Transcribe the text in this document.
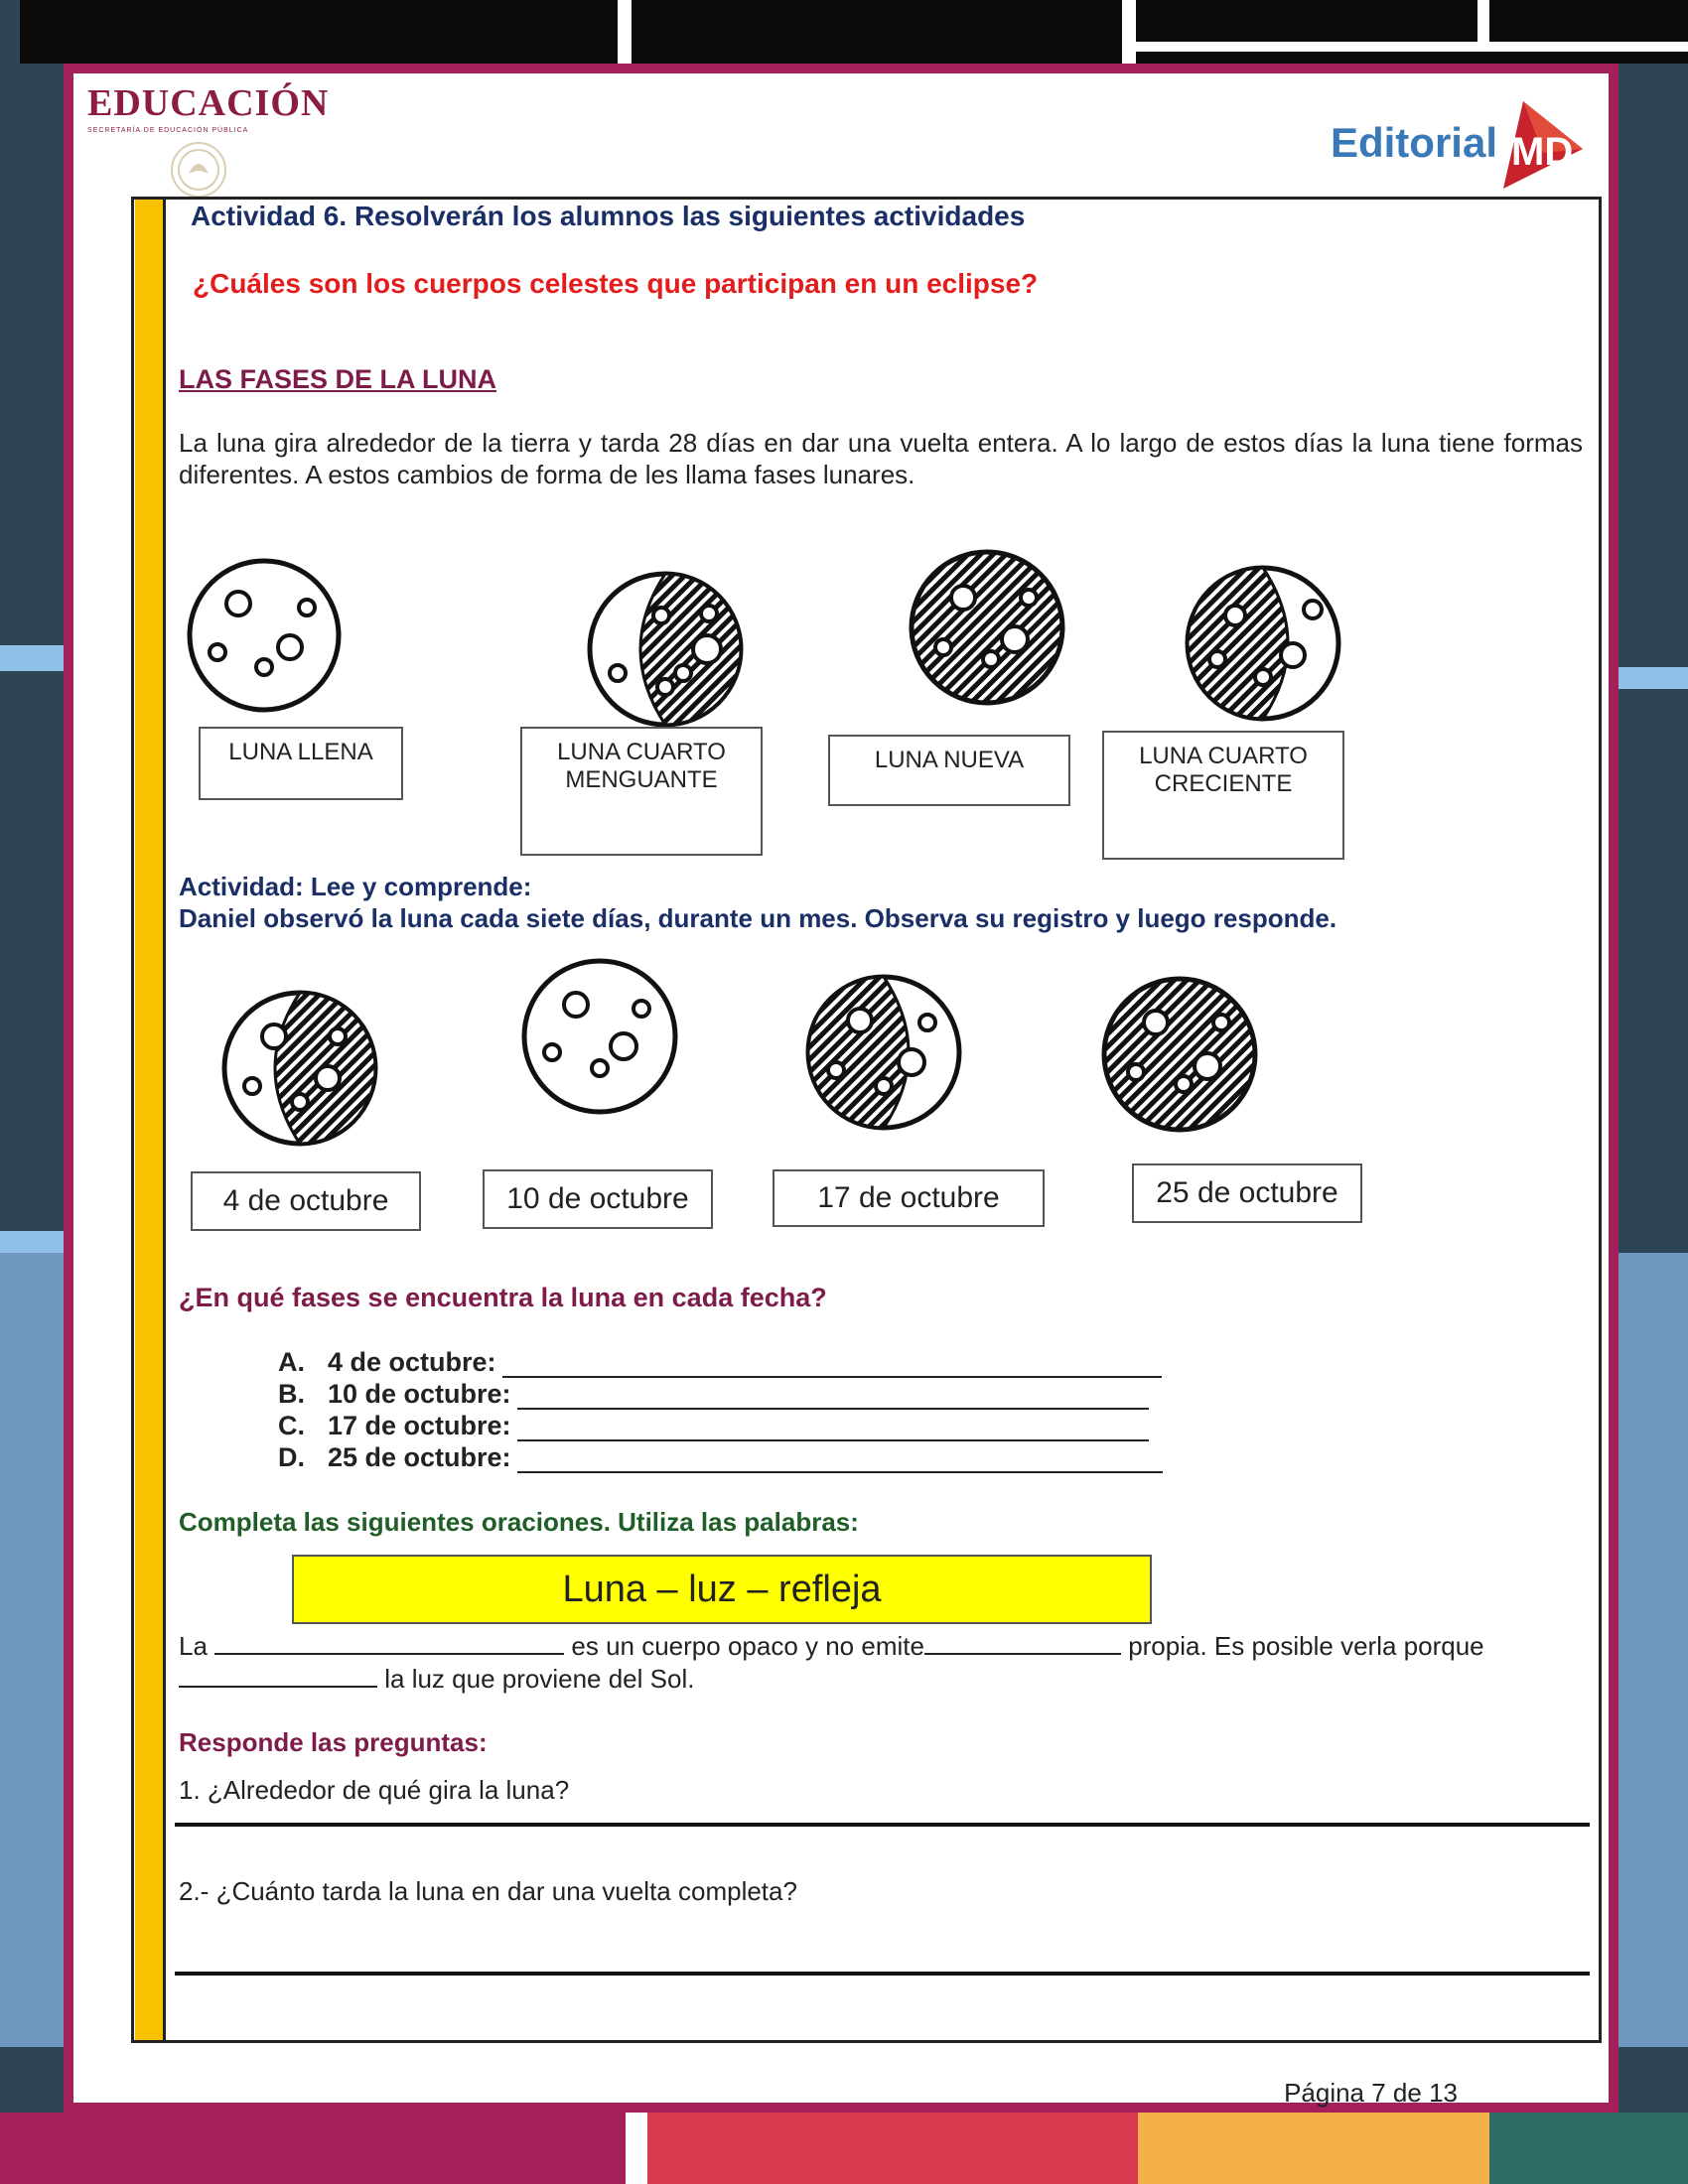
EDUCACIÓN
SECRETARÍA DE EDUCACIÓN PÚBLICA	Editorial MD
Actividad 6. Resolverán los alumnos las siguientes actividades
¿Cuáles son los cuerpos celestes que participan en un eclipse?
LAS FASES DE LA LUNA
La luna gira alrededor de la tierra y tarda 28 días en dar una vuelta entera. A lo largo de estos días la luna tiene formas diferentes. A estos cambios de forma de les llama fases lunares.
LUNA LLENA	LUNA CUARTO MENGUANTE
LUNA NUEVA	LUNA CUARTO CRECIENTE
Actividad: Lee y comprende:
Daniel observó la luna cada siete días, durante un mes. Observa su registro y luego responde.
4 de octubre	10 de octubre	17 de octubre	25 de octubre
¿En qué fases se encuentra la luna en cada fecha?
A. 4 de octubre:
B. 10 de octubre:
C. 17 de octubre:
D. 25 de octubre:
Completa las siguientes oraciones. Utiliza las palabras:
Luna – luz – refleja
La	es un cuerpo opaco y no emite	propia. Es posible verla porque
la luz que proviene del Sol.
Responde las preguntas:
1. ¿Alrededor de qué gira la luna?
2.- ¿Cuánto tarda la luna en dar una vuelta completa?
Página 7 de 13
